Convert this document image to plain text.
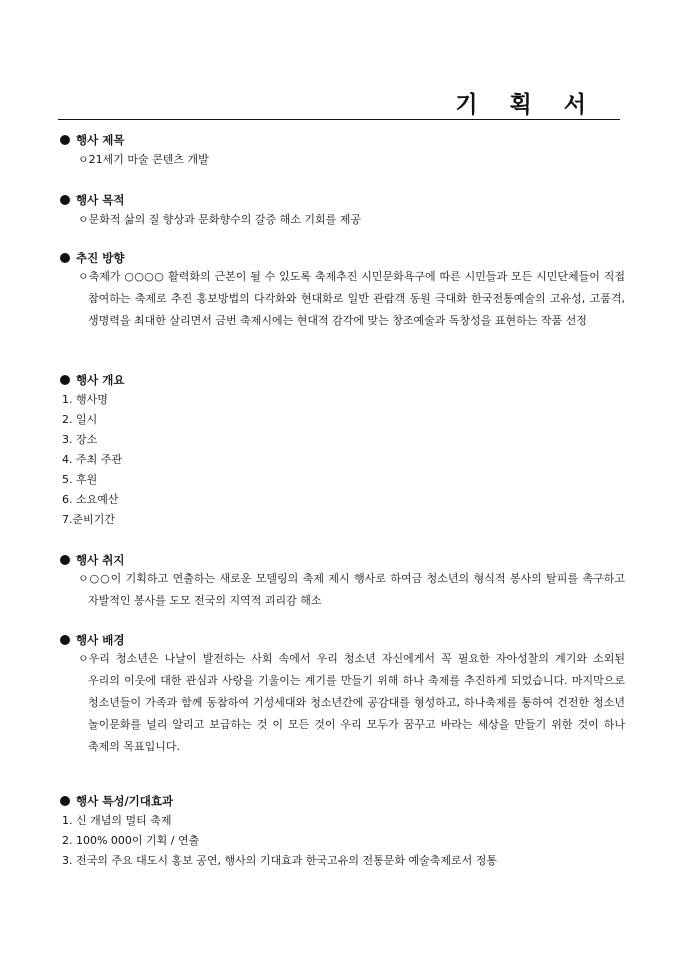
기 획 서
행사 제목
ㅇ21세기 마술 콘텐츠 개발
행사 목적
ㅇ문화적 삶의 질 향상과 문화향수의 갈증 해소 기회를 제공
추진 방향
ㅇ축제가 ○○○○ 활력화의 근본이 될 수 있도록 축제추진 시민문화욕구에 따른 시민들과 모든 시민단체들이 직접 참여하는 축제로 추진 홍보방법의 다각화와 현대화로 일반 관람객 동원 극대화 한국전통예술의 고유성, 고품격, 생명력을 최대한 살리면서 금번 축제시에는 현대적 감각에 맞는 창조예술과 독창성을 표현하는 작품 선정
행사 개요
1. 행사명
2. 일시
3. 장소
4. 주최 주관
5. 후원
6. 소요예산
7.준비기간
행사 취지
ㅇ○○이 기획하고 연출하는 새로운 모델링의 축제 제시 행사로 하여금 청소년의 형식적 봉사의 탈피를 촉구하고 자발적인 봉사를 도모 전국의 지역적 괴리감 해소
행사 배경
ㅇ우리 청소년은 나날이 발전하는 사회 속에서 우리 청소년 자신에게서 꼭 필요한 자아성찰의 계기와 소외된 우리의 이웃에 대한 관심과 사랑을 기울이는 계기를 만들기 위해 하나 축제를 추진하게 되었습니다. 마지막으로 청소년들이 가족과 함께 동참하여 기성세대와 청소년간에 공감대를 형성하고, 하나축제를 통하여 건전한 청소년 놀이문화를 널리 알리고 보급하는 것 이 모든 것이 우리 모두가 꿈꾸고 바라는 세상을 만들기 위한 것이 하나 축제의 목표입니다.
행사 특성/기대효과
1. 신 개념의 멀티 축제
2. 100% 000이 기획 / 연출
3. 전국의 주요 대도시 홍보 공연, 행사의 기대효과 한국고유의 전통문화 예술축제로서 정통
